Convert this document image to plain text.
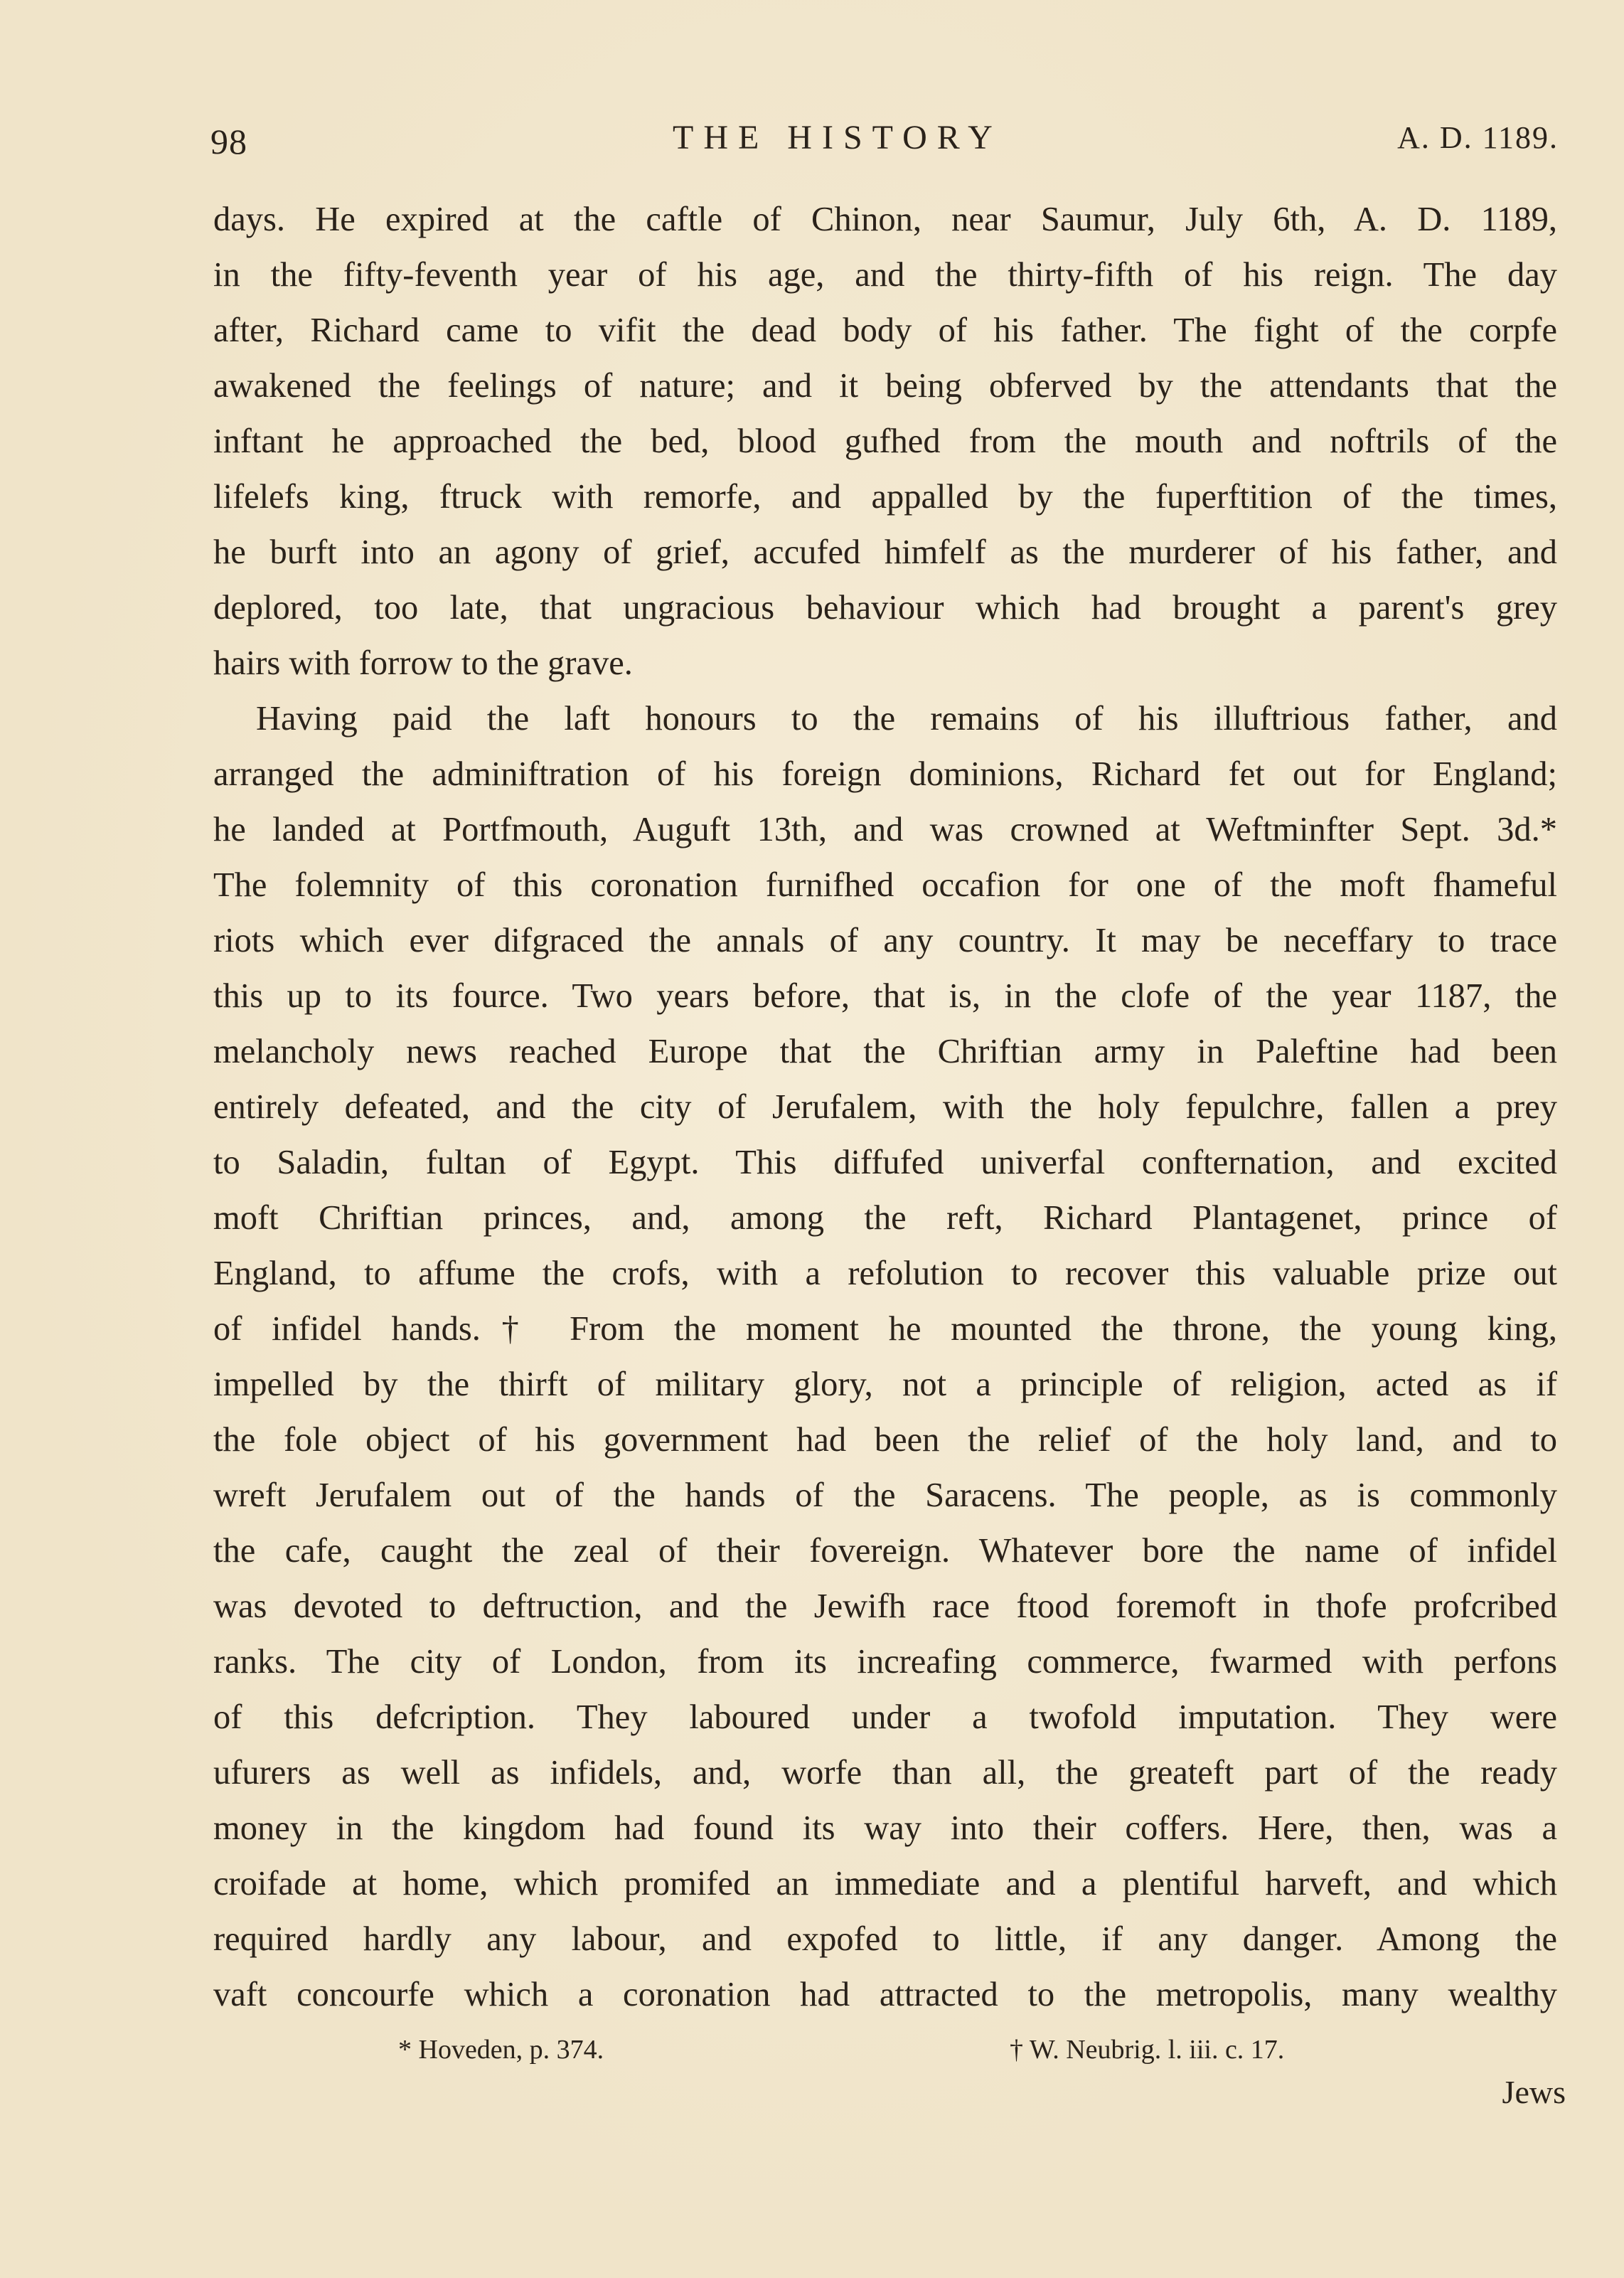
98	THE HISTORY	A. D. 1189.

days. He expired at the caftle of Chinon, near Saumur, July 6th, A. D. 1189,

in the fifty-feventh year of his age, and the thirty-fifth of his reign. The day

after, Richard came to vifit the dead body of his father. The fight of the corpfe

awakened the feelings of nature; and it being obferved by the attendants that the

inftant he approached the bed, blood gufhed from the mouth and noftrils of the

lifelefs king, ftruck with remorfe, and appalled by the fuperftition of the times,

he burft into an agony of grief, accufed himfelf as the murderer of his father, and

deplored, too late, that ungracious behaviour which had brought a parent's grey

hairs with forrow to the grave.

Having paid the laft honours to the remains of his illuftrious father, and

arranged the adminiftration of his foreign dominions, Richard fet out for England;

he landed at Portfmouth, Auguft 13th, and was crowned at Weftminfter Sept. 3d.*

The folemnity of this coronation furnifhed occafion for one of the moft fhameful

riots which ever difgraced the annals of any country. It may be neceffary to trace

this up to its fource. Two years before, that is, in the clofe of the year 1187, the

melancholy news reached Europe that the Chriftian army in Paleftine had been

entirely defeated, and the city of Jerufalem, with the holy fepulchre, fallen a prey

to Saladin, fultan of Egypt. This diffufed univerfal confternation, and excited

moft Chriftian princes, and, among the reft, Richard Plantagenet, prince of

England, to affume the crofs, with a refolution to recover this valuable prize out

of infidel hands.† From the moment he mounted the throne, the young king,

impelled by the thirft of military glory, not a principle of religion, acted as if

the fole object of his government had been the relief of the holy land, and to

wreft Jerufalem out of the hands of the Saracens. The people, as is commonly

the cafe, caught the zeal of their fovereign. Whatever bore the name of infidel

was devoted to deftruction, and the Jewifh race ftood foremoft in thofe profcribed

ranks. The city of London, from its increafing commerce, fwarmed with perfons

of this defcription. They laboured under a twofold imputation. They were

ufurers as well as infidels, and, worfe than all, the greateft part of the ready

money in the kingdom had found its way into their coffers. Here, then, was a

croifade at home, which promifed an immediate and a plentiful harveft, and which

required hardly any labour, and expofed to little, if any danger. Among the

vaft concourfe which a coronation had attracted to the metropolis, many wealthy

* Hoveden, p. 374.	† W. Neubrig. l. iii. c. 17.
Jews
